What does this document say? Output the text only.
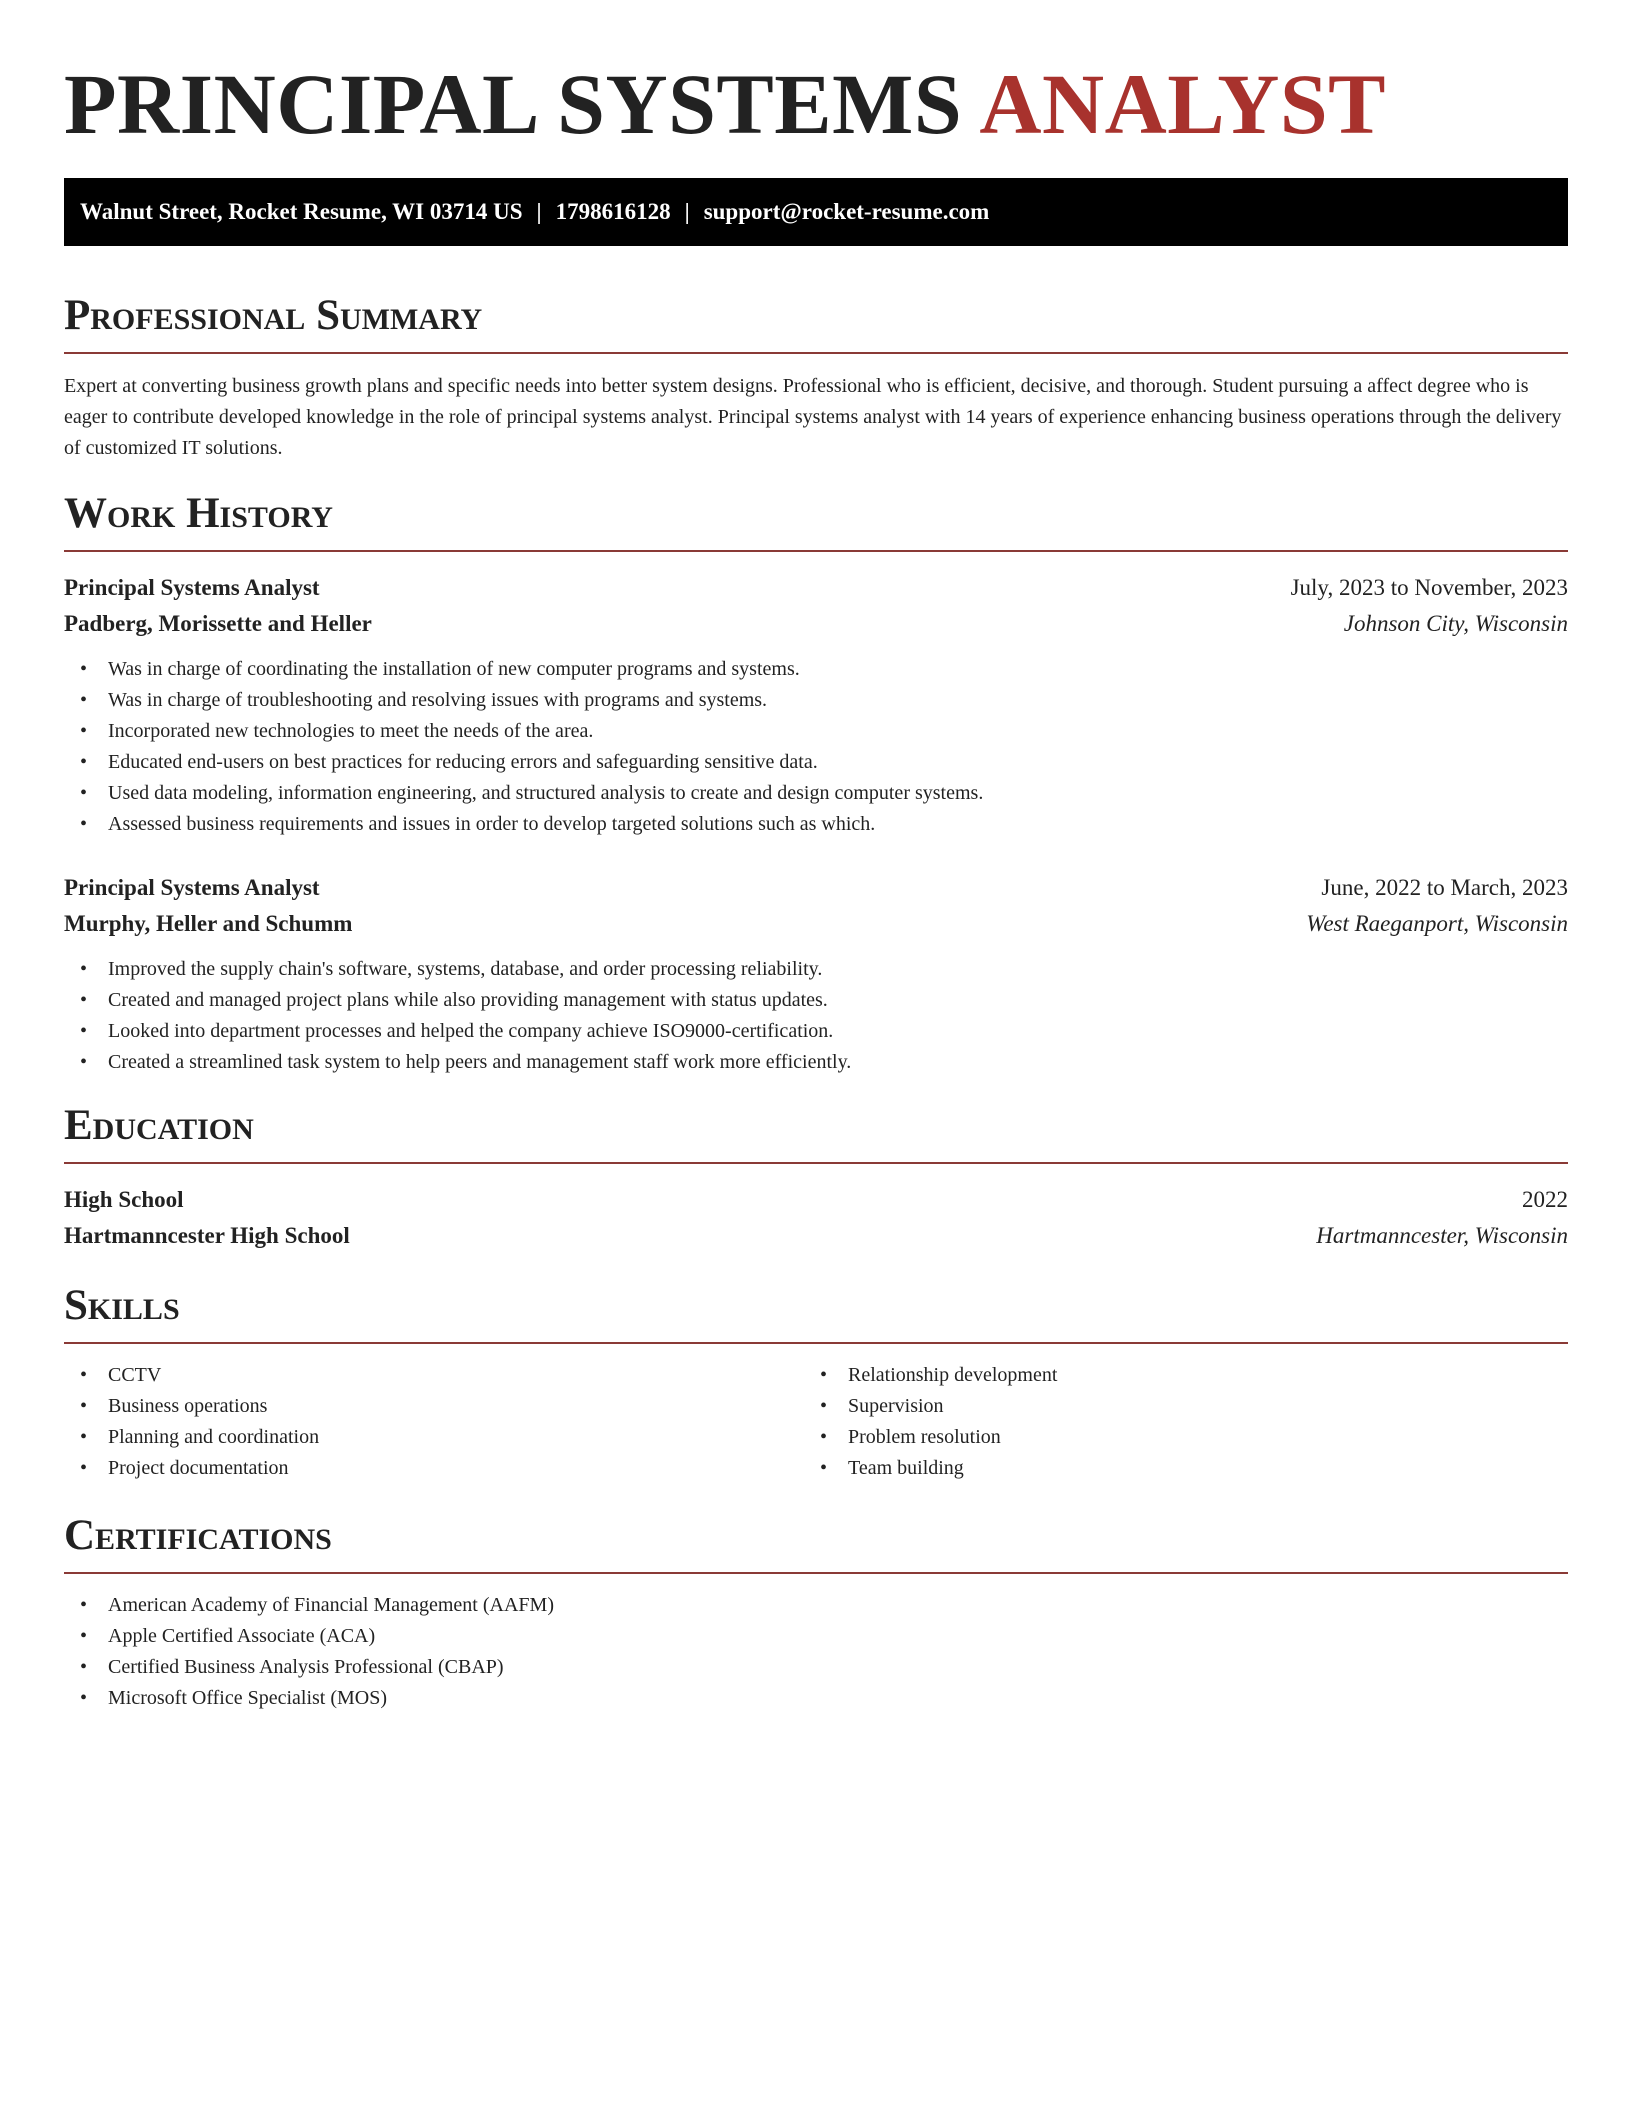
PRINCIPAL SYSTEMS ANALYST
Walnut Street, Rocket Resume, WI 03714 US | 1798616128 | support@rocket-resume.com
Professional Summary

Expert at converting business growth plans and specific needs into better system designs. Professional who is efficient, decisive, and thorough. Student pursuing a affect degree who is eager to contribute developed knowledge in the role of principal systems analyst. Principal systems analyst with 14 years of experience enhancing business operations through the delivery of customized IT solutions.

Work History
Principal Systems Analyst	July, 2023 to November, 2023
Padberg, Morissette and Heller	Johnson City, Wisconsin
• Was in charge of coordinating the installation of new computer programs and systems.
• Was in charge of troubleshooting and resolving issues with programs and systems.
• Incorporated new technologies to meet the needs of the area.
• Educated end-users on best practices for reducing errors and safeguarding sensitive data.
• Used data modeling, information engineering, and structured analysis to create and design computer systems.
• Assessed business requirements and issues in order to develop targeted solutions such as which.
Principal Systems Analyst	June, 2022 to March, 2023
Murphy, Heller and Schumm	West Raeganport, Wisconsin
• Improved the supply chain's software, systems, database, and order processing reliability.
• Created and managed project plans while also providing management with status updates.
• Looked into department processes and helped the company achieve ISO9000-certification.
• Created a streamlined task system to help peers and management staff work more efficiently.
Education
High School	2022
Hartmanncester High School	Hartmanncester, Wisconsin
Skills
• CCTV
• Business operations
• Planning and coordination
• Project documentation
• Relationship development
• Supervision
• Problem resolution
• Team building
Certifications
• American Academy of Financial Management (AAFM)
• Apple Certified Associate (ACA)
• Certified Business Analysis Professional (CBAP)
• Microsoft Office Specialist (MOS)
